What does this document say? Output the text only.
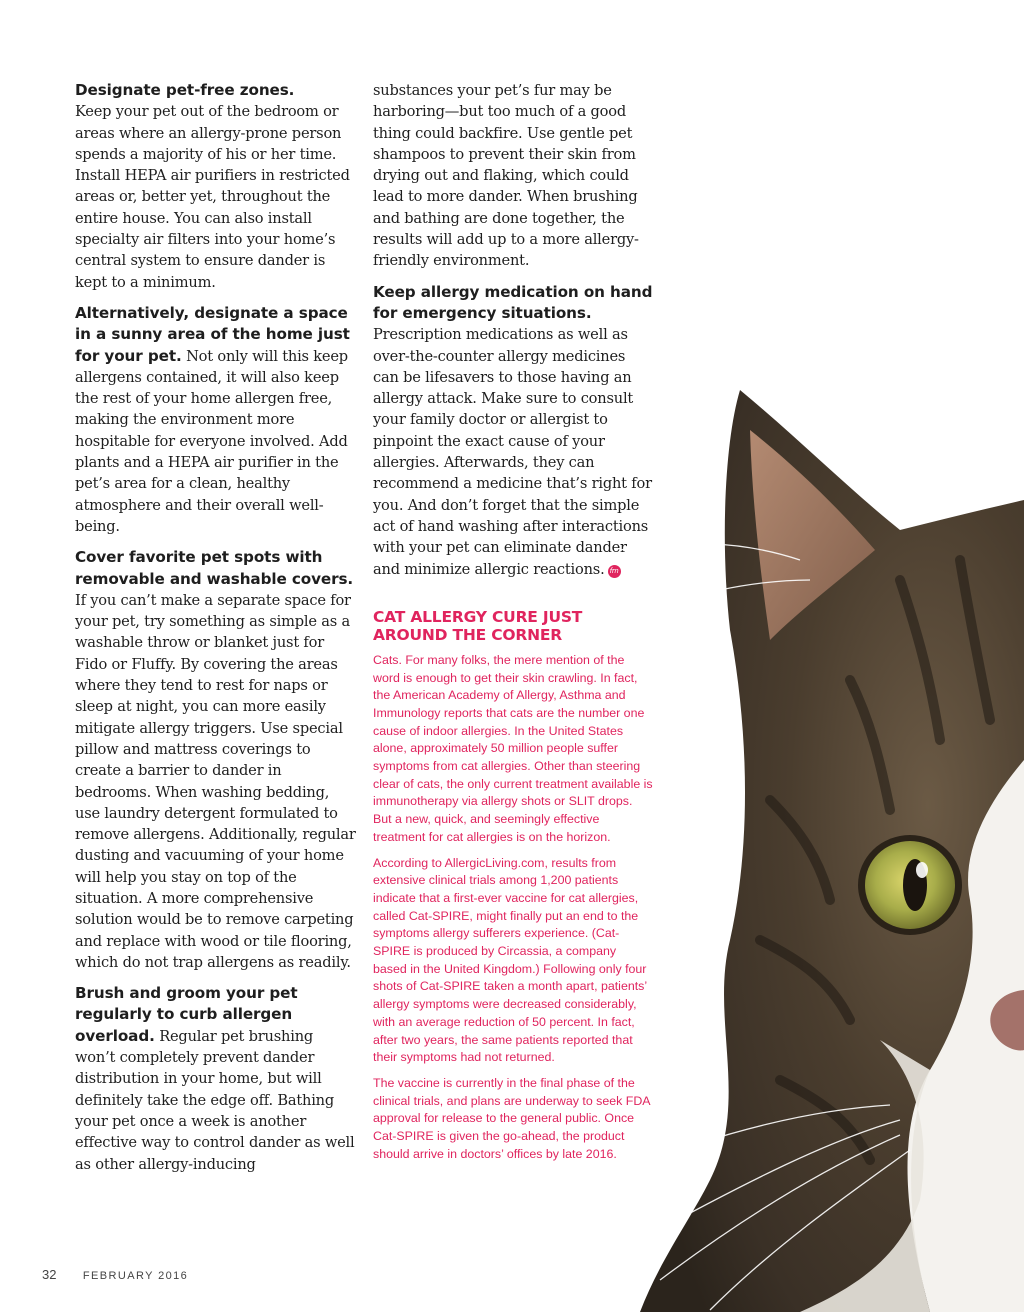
Designate pet-free zones.
Keep your pet out of the bedroom or areas where an allergy-prone person spends a majority of his or her time. Install HEPA air purifiers in restricted areas or, better yet, throughout the entire house. You can also install specialty air filters into your home’s central system to ensure dander is kept to a minimum.

Alternatively, designate a space in a sunny area of the home just for your pet. Not only will this keep allergens contained, it will also keep the rest of your home allergen free, making the environment more hospitable for everyone involved. Add plants and a HEPA air purifier in the pet’s area for a clean, healthy atmosphere and their overall well-being.

Cover favorite pet spots with removable and washable covers. If you can’t make a separate space for your pet, try something as simple as a washable throw or blanket just for Fido or Fluffy. By covering the areas where they tend to rest for naps or sleep at night, you can more easily mitigate allergy triggers. Use special pillow and mattress coverings to create a barrier to dander in bedrooms. When washing bedding, use laundry detergent formulated to remove allergens. Additionally, regular dusting and vacuuming of your home will help you stay on top of the situation. A more comprehensive solution would be to remove carpeting and replace with wood or tile flooring, which do not trap allergens as readily.

Brush and groom your pet regularly to curb allergen overload. Regular pet brushing won’t completely prevent dander distribution in your home, but will definitely take the edge off. Bathing your pet once a week is another effective way to control dander as well as other allergy-inducing

substances your pet’s fur may be harboring—but too much of a good thing could backfire. Use gentle pet shampoos to prevent their skin from drying out and flaking, which could lead to more dander. When brushing and bathing are done together, the results will add up to a more allergy-friendly environment.

Keep allergy medication on hand for emergency situations.
Prescription medications as well as over-the-counter allergy medicines can be lifesavers to those having an allergy attack. Make sure to consult your family doctor or allergist to pinpoint the exact cause of your allergies. Afterwards, they can recommend a medicine that’s right for you. And don’t forget that the simple act of hand washing after interactions with your pet can eliminate dander and minimize allergic reactions. fm

CAT ALLERGY CURE JUST AROUND THE CORNER

Cats. For many folks, the mere mention of the word is enough to get their skin crawling. In fact, the American Academy of Allergy, Asthma and Immunology reports that cats are the number one cause of indoor allergies. In the United States alone, approximately 50 million people suffer symptoms from cat allergies. Other than steering clear of cats, the only current treatment available is immunotherapy via allergy shots or SLIT drops. But a new, quick, and seemingly effective treatment for cat allergies is on the horizon.

According to AllergicLiving.com, results from extensive clinical trials among 1,200 patients indicate that a first-ever vaccine for cat allergies, called Cat-SPIRE, might finally put an end to the symptoms allergy sufferers experience. (Cat-SPIRE is produced by Circassia, a company based in the United Kingdom.) Following only four shots of Cat-SPIRE taken a month apart, patients’ allergy symptoms were decreased considerably, with an average reduction of 50 percent. In fact, after two years, the same patients reported that their symptoms had not returned.

The vaccine is currently in the final phase of the clinical trials, and plans are underway to seek FDA approval for release to the general public. Once Cat-SPIRE is given the go-ahead, the product should arrive in doctors’ offices by late 2016.

32 FEBRUARY 2016
